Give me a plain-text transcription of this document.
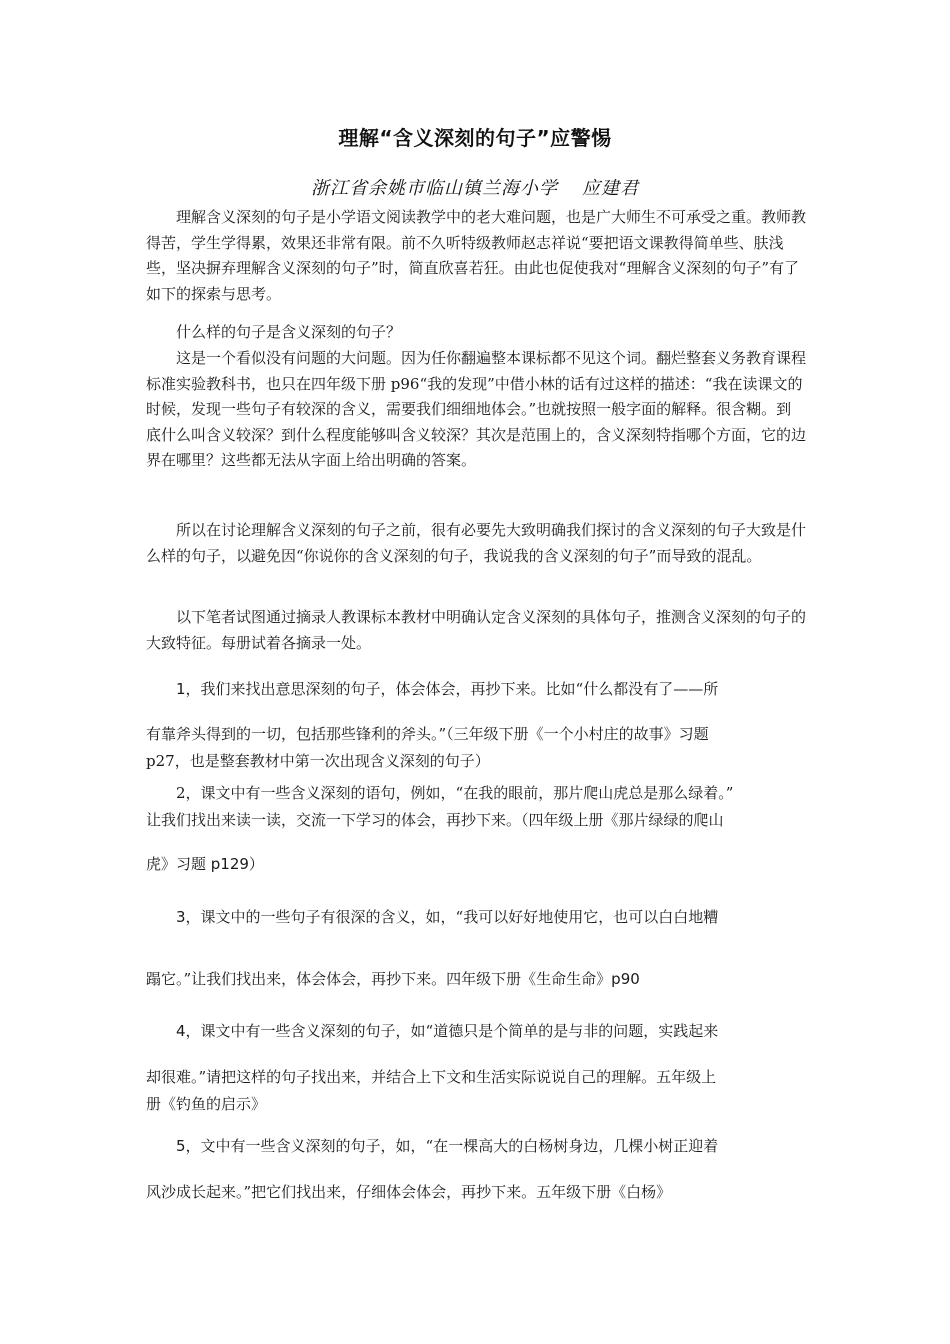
理解“含义深刻的句子”应警惕
浙江省余姚市临山镇兰海小学 应建君
理解含义深刻的句子是小学语文阅读教学中的老大难问题，也是广大师生不可承受之重。教师教得苦，学生学得累，效果还非常有限。前不久听特级教师赵志祥说“要把语文课教得简单些、肤浅些，坚决摒弃理解含义深刻的句子”时，简直欣喜若狂。由此也促使我对“理解含义深刻的句子”有了如下的探索与思考。
什么样的句子是含义深刻的句子？
这是一个看似没有问题的大问题。因为任你翻遍整本课标都不见这个词。翻烂整套义务教育课程标准实验教科书，也只在四年级下册 p96“我的发现”中借小林的话有过这样的描述：“我在读课文的时候，发现一些句子有较深的含义，需要我们细细地体会。”也就按照一般字面的解释。很含糊。到底什么叫含义较深？到什么程度能够叫含义较深？其次是范围上的，含义深刻特指哪个方面，它的边界在哪里？这些都无法从字面上给出明确的答案。
所以在讨论理解含义深刻的句子之前，很有必要先大致明确我们探讨的含义深刻的句子大致是什么样的句子，以避免因“你说你的含义深刻的句子，我说我的含义深刻的句子”而导致的混乱。
以下笔者试图通过摘录人教课标本教材中明确认定含义深刻的具体句子，推测含义深刻的句子的大致特征。每册试着各摘录一处。
1，我们来找出意思深刻的句子，体会体会，再抄下来。比如“什么都没有了——所
有靠斧头得到的一切，包括那些锋利的斧头。”（三年级下册《一个小村庄的故事》习题
p27，也是整套教材中第一次出现含义深刻的句子）
2，课文中有一些含义深刻的语句，例如，“在我的眼前，那片爬山虎总是那么绿着。”
让我们找出来读一读，交流一下学习的体会，再抄下来。（四年级上册《那片绿绿的爬山
虎》习题 p129）
3，课文中的一些句子有很深的含义，如，“我可以好好地使用它，也可以白白地糟
蹋它。”让我们找出来，体会体会，再抄下来。四年级下册《生命生命》p90
4，课文中有一些含义深刻的句子，如“道德只是个简单的是与非的问题，实践起来
却很难。”请把这样的句子找出来，并结合上下文和生活实际说说自己的理解。五年级上
册《钓鱼的启示》
5，文中有一些含义深刻的句子，如，“在一棵高大的白杨树身边，几棵小树正迎着
风沙成长起来。”把它们找出来，仔细体会体会，再抄下来。五年级下册《白杨》
